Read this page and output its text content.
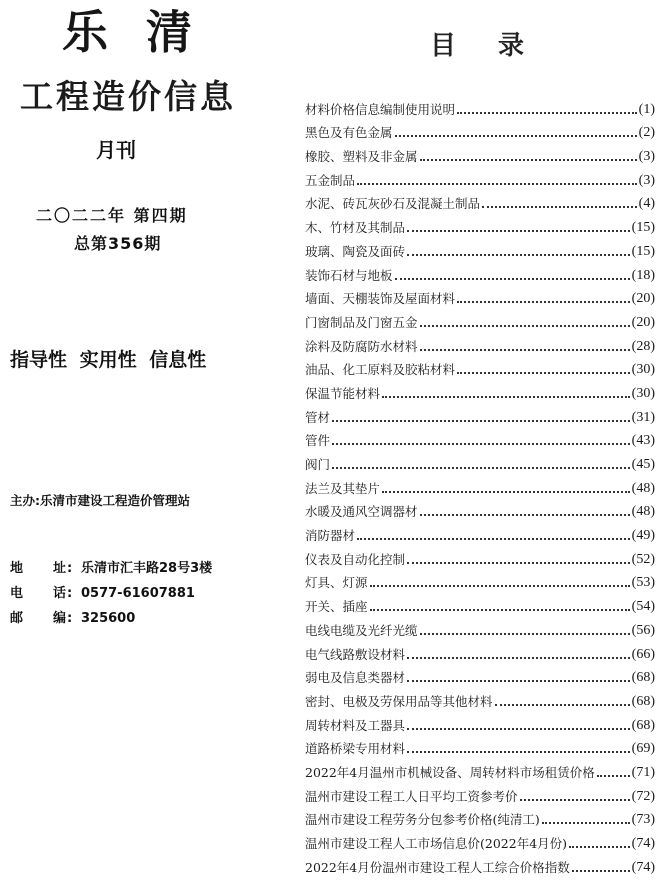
乐清
工程造价信息
月刊
二〇二二年 第四期
总第356期
指导性 实用性 信息性
主办:乐清市建设工程造价管理站
地	址 : 乐清市汇丰路28号3楼
电	话 : 0577-61607881
邮	编 : 325600
目录
材料价格信息编制使用说明	(1)
黑色及有色金属	(2)
橡胶、塑料及非金属	(3)
五金制品	(3)
水泥、砖瓦灰砂石及混凝土制品	(4)
木、竹材及其制品	(15)
玻璃、陶瓷及面砖	(15)
装饰石材与地板	(18)
墙面、天棚装饰及屋面材料	(20)
门窗制品及门窗五金	(20)
涂料及防腐防水材料	(28)
油品、化工原料及胶粘材料	(30)
保温节能材料	(30)
管材	(31)
管件	(43)
阀门	(45)
法兰及其垫片	(48)
水暖及通风空调器材	(48)
消防器材	(49)
仪表及自动化控制	(52)
灯具、灯源	(53)
开关、插座	(54)
电线电缆及光纤光缆	(56)
电气线路敷设材料	(66)
弱电及信息类器材	(68)
密封、电极及劳保用品等其他材料	(68)
周转材料及工器具	(68)
道路桥梁专用材料	(69)
2022年4月温州市机械设备、周转材料市场租赁价格	(71)
温州市建设工程工人日平均工资参考价	(72)
温州市建设工程劳务分包参考价格(纯清工)	(73)
温州市建设工程人工市场信息价(2022年4月份)	(74)
2022年4月份温州市建设工程人工综合价格指数	(74)
